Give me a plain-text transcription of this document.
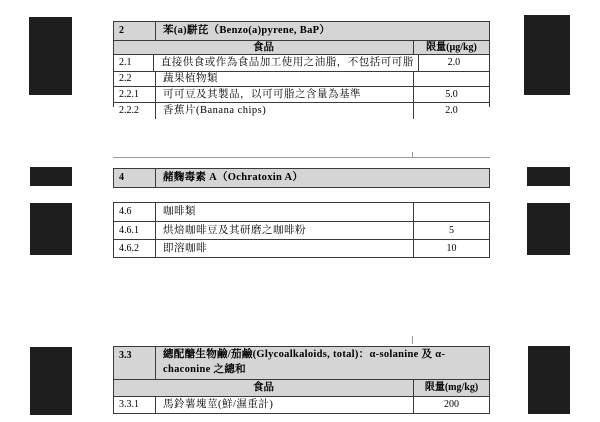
2	苯(a)駢芘（Benzo(a)pyrene, BaP）
食品	限量(µg/kg)
2.1	直接供食或作為食品加工使用之油脂，不包括可可脂	2.0
2.2	蔬果植物類
2.2.1	可可豆及其製品，以可可脂之含量為基準	5.0
2.2.2	香蕉片(Banana chips)	2.0
4	赭麴毒素 A（Ochratoxin A）
4.6	咖啡類
4.6.1	烘焙咖啡豆及其研磨之咖啡粉	5
4.6.2	即溶咖啡	10
3.3	總配醣生物鹼/茄鹼(Glycoalkaloids, total)：α-solanine 及 α-chaconine 之總和
食品	限量(mg/kg)
3.3.1	馬鈴薯塊莖(鮮/濕重計)	200
